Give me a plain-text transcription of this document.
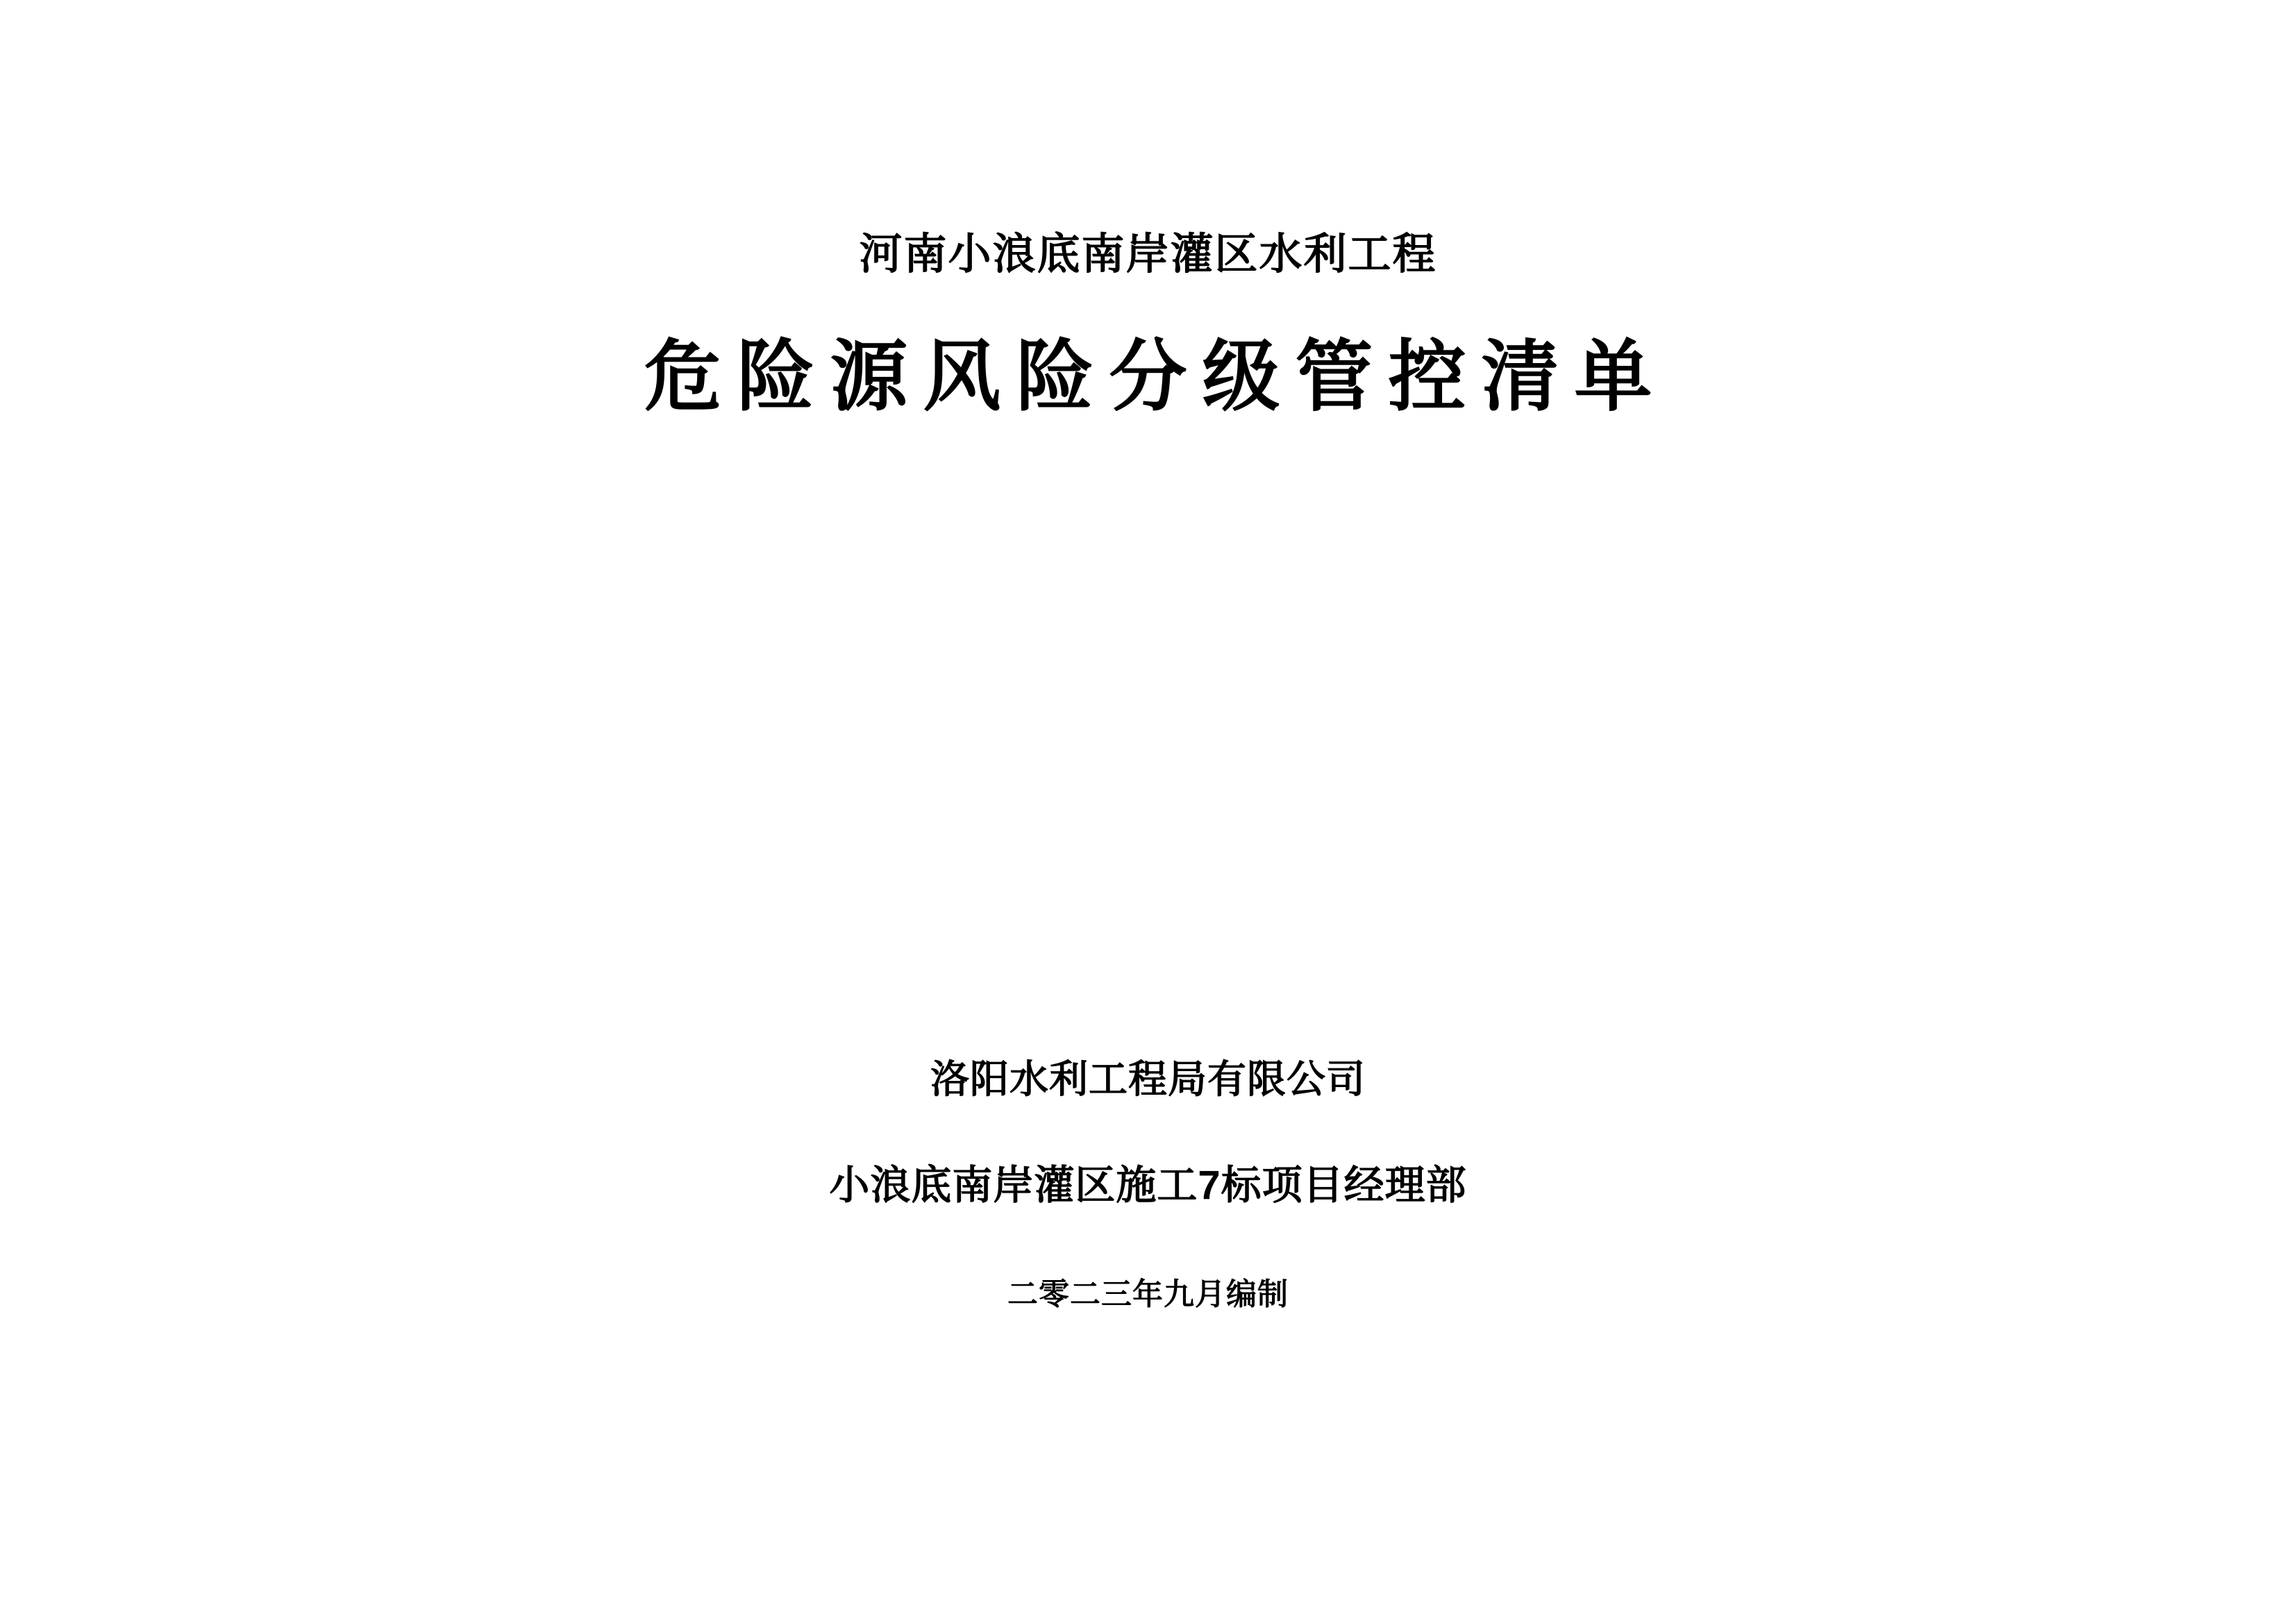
河南小浪底南岸灌区水利工程
危险源风险分级管控清单
洛阳水利工程局有限公司
小浪底南岸灌区施工7标项目经理部
二零二三年九月编制
